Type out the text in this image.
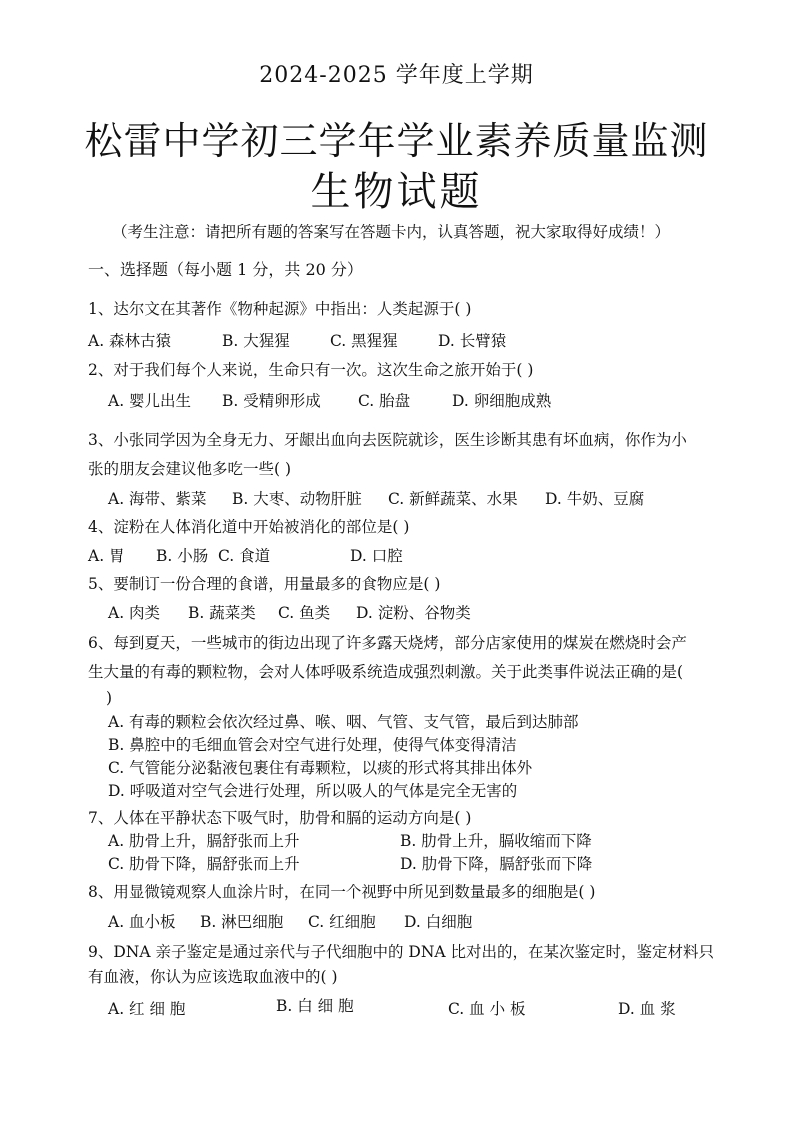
2024-2025 学年度上学期
松雷中学初三学年学业素养质量监测
生物试题
（考生注意：请把所有题的答案写在答题卡内，认真答题，祝大家取得好成绩！）
一、选择题（每小题 1 分，共 20 分）
1、达尔文在其著作《物种起源》中指出：人类起源于( )
A. 森林古猿	B. 大猩猩	C. 黑猩猩	D. 长臂猿
2、对于我们每个人来说，生命只有一次。这次生命之旅开始于( )
A. 婴儿出生 B. 受精卵形成 C. 胎盘	D. 卵细胞成熟
3、小张同学因为全身无力、牙龈出血向去医院就诊，医生诊断其患有坏血病，你作为小
张的朋友会建议他多吃一些( )
A. 海带、紫菜 B. 大枣、动物肝脏 C. 新鲜蔬菜、水果 D. 牛奶、豆腐
4、淀粉在人体消化道中开始被消化的部位是( )
A. 胃 B. 小肠 C. 食道	D. 口腔
5、要制订一份合理的食谱，用量最多的食物应是( )
A. 肉类 B. 蔬菜类 C. 鱼类 D. 淀粉、谷物类
6、每到夏天，一些城市的街边出现了许多露天烧烤，部分店家使用的煤炭在燃烧时会产
生大量的有毒的颗粒物，会对人体呼吸系统造成强烈刺激。关于此类事件说法正确的是(
)
A. 有毒的颗粒会依次经过鼻、喉、咽、气管、支气管，最后到达肺部
B. 鼻腔中的毛细血管会对空气进行处理，使得气体变得清洁
C. 气管能分泌黏液包裹住有毒颗粒，以痰的形式将其排出体外
D. 呼吸道对空气会进行处理，所以吸人的气体是完全无害的
7、人体在平静状态下吸气时，肋骨和膈的运动方向是( )
A. 肋骨上升，膈舒张而上升	B. 肋骨上升，膈收缩而下降
C. 肋骨下降，膈舒张而上升	D. 肋骨下降，膈舒张而下降
8、用显微镜观察人血涂片时，在同一个视野中所见到数量最多的细胞是( )
A. 血小板 B. 淋巴细胞 C. 红细胞 D. 白细胞
9、DNA 亲子鉴定是通过亲代与子代细胞中的 DNA 比对出的，在某次鉴定时，鉴定材料只
有血液，你认为应该选取血液中的( )
A. 红 细 胞	B. 白 细 胞	C. 血 小 板	D. 血 浆
